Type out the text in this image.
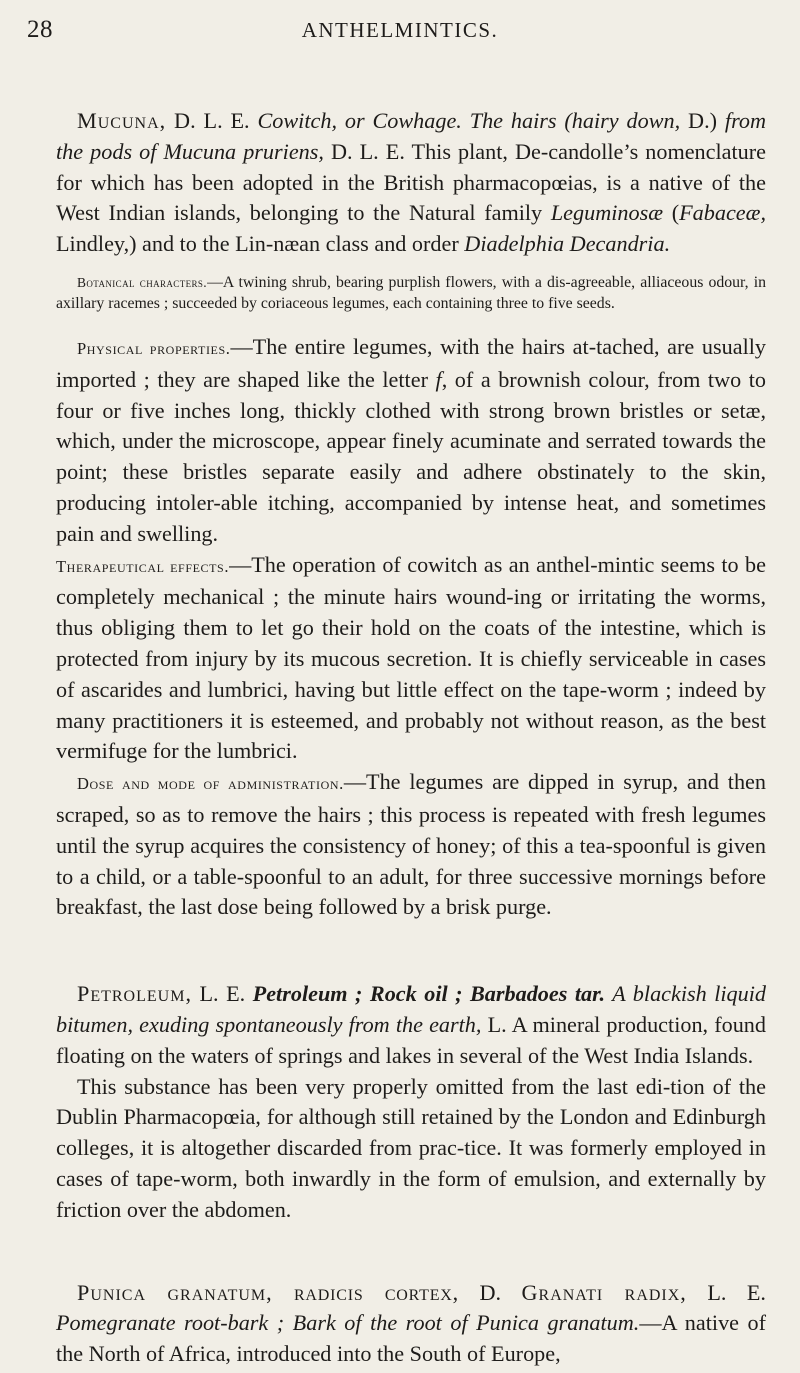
28	ANTHELMINTICS.

Mucuna, D. L. E. Cowitch, or Cowhage. The hairs (hairy down, D.) from the pods of Mucuna pruriens, D. L. E. This plant, De-candolle’s nomenclature for which has been adopted in the British pharmacopœias, is a native of the West Indian islands, belonging to the Natural family Leguminosæ (Fabaceæ, Lindley,) and to the Lin-næan class and order Diadelphia Decandria.

Botanical characters.—A twining shrub, bearing purplish flowers, with a dis-agreeable, alliaceous odour, in axillary racemes ; succeeded by coriaceous legumes, each containing three to five seeds.

Physical properties.—The entire legumes, with the hairs at-tached, are usually imported ; they are shaped like the letter f, of a brownish colour, from two to four or five inches long, thickly clothed with strong brown bristles or setæ, which, under the microscope, appear finely acuminate and serrated towards the point; these bristles separate easily and adhere obstinately to the skin, producing intoler-able itching, accompanied by intense heat, and sometimes pain and swelling.

Therapeutical effects.—The operation of cowitch as an anthel-mintic seems to be completely mechanical ; the minute hairs wound-ing or irritating the worms, thus obliging them to let go their hold on the coats of the intestine, which is protected from injury by its mucous secretion. It is chiefly serviceable in cases of ascarides and lumbrici, having but little effect on the tape-worm ; indeed by many practitioners it is esteemed, and probably not without reason, as the best vermifuge for the lumbrici.

Dose and mode of administration.—The legumes are dipped in syrup, and then scraped, so as to remove the hairs ; this process is repeated with fresh legumes until the syrup acquires the consistency of honey; of this a tea-spoonful is given to a child, or a table-spoonful to an adult, for three successive mornings before breakfast, the last dose being followed by a brisk purge.

Petroleum, L. E. Petroleum ; Rock oil ; Barbadoes tar. A blackish liquid bitumen, exuding spontaneously from the earth, L. A mineral production, found floating on the waters of springs and lakes in several of the West India Islands.

This substance has been very properly omitted from the last edi-tion of the Dublin Pharmacopœia, for although still retained by the London and Edinburgh colleges, it is altogether discarded from prac-tice. It was formerly employed in cases of tape-worm, both inwardly in the form of emulsion, and externally by friction over the abdomen.

Punica granatum, radicis cortex, D. Granati radix, L. E. Pomegranate root-bark ; Bark of the root of Punica granatum.—A native of the North of Africa, introduced into the South of Europe,
